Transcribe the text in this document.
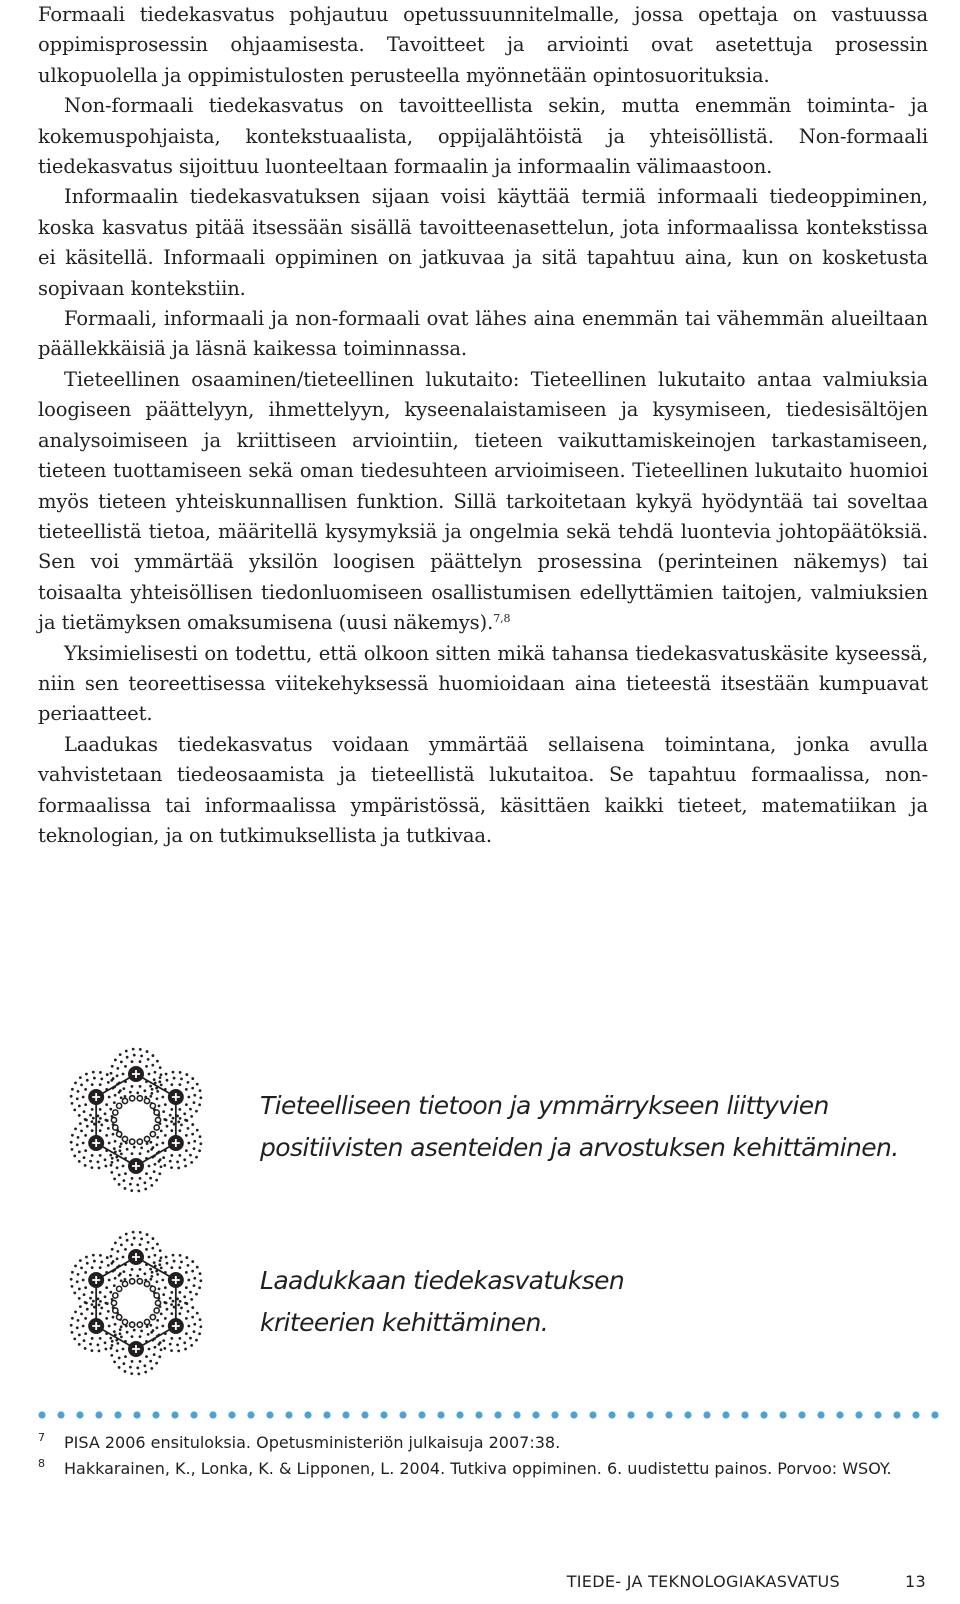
Formaali tiedekasvatus pohjautuu opetussuunnitelmalle, jossa opettaja on vastuussa oppimisprosessin ohjaamisesta. Tavoitteet ja arviointi ovat asetettuja prosessin ulkopuolella ja oppimistulosten perusteella myönnetään opintosuorituksia.

Non-formaali tiedekasvatus on tavoitteellista sekin, mutta enemmän toiminta- ja kokemuspohjaista, kontekstuaalista, oppijalähtöistä ja yhteisöllistä. Non-formaali tiedekasvatus sijoittuu luonteeltaan formaalin ja informaalin välimaastoon.

Informaalin tiedekasvatuksen sijaan voisi käyttää termiä informaali tiedeoppiminen, koska kasvatus pitää itsessään sisällä tavoitteenasettelun, jota informaalissa kontekstissa ei käsitellä. Informaali oppiminen on jatkuvaa ja sitä tapahtuu aina, kun on kosketusta sopivaan kontekstiin.

Formaali, informaali ja non-formaali ovat lähes aina enemmän tai vähemmän alueiltaan päällekkäisiä ja läsnä kaikessa toiminnassa.

Tieteellinen osaaminen/tieteellinen lukutaito: Tieteellinen lukutaito antaa valmiuksia loogiseen päättelyyn, ihmettelyyn, kyseenalaistamiseen ja kysymiseen, tiedesisältöjen analysoimiseen ja kriittiseen arviointiin, tieteen vaikuttamiskeinojen tarkastamiseen, tieteen tuottamiseen sekä oman tiedesuhteen arvioimiseen. Tieteellinen lukutaito huomioi myös tieteen yhteiskunnallisen funktion. Sillä tarkoitetaan kykyä hyödyntää tai soveltaa tieteellistä tietoa, määritellä kysymyksiä ja ongelmia sekä tehdä luontevia johtopäätöksiä. Sen voi ymmärtää yksilön loogisen päättelyn prosessina (perinteinen näkemys) tai toisaalta yhteisöllisen tiedonluomiseen osallistumisen edellyttämien taitojen, valmiuksien ja tietämyksen omaksumisena (uusi näkemys).$^{7,8}$

Yksimielisesti on todettu, että olkoon sitten mikä tahansa tiedekasvatuskäsite kyseessä, niin sen teoreettisessa viitekehyksessä huomioidaan aina tieteestä itsestään kumpuavat periaatteet.

Laadukas tiedekasvatus voidaan ymmärtää sellaisena toimintana, jonka avulla vahvistetaan tiedeosaamista ja tieteellistä lukutaitoa. Se tapahtuu formaalissa, non-formaalissa tai informaalissa ympäristössä, käsittäen kaikki tieteet, matematiikan ja teknologian, ja on tutkimuksellista ja tutkivaa.

Tieteelliseen tietoon ja ymmärrykseen liittyvien
positiivisten asenteiden ja arvostuksen kehittäminen.
Laadukkaan tiedekasvatuksen
kriteerien kehittäminen.
7 PISA 2006 ensituloksia. Opetusministeriön julkaisuja 2007:38.
8 Hakkarainen, K., Lonka, K. & Lipponen, L. 2004. Tutkiva oppiminen. 6. uudistettu painos. Porvoo: WSOY.
TIEDE- JA TEKNOLOGIAKASVATUS	13
